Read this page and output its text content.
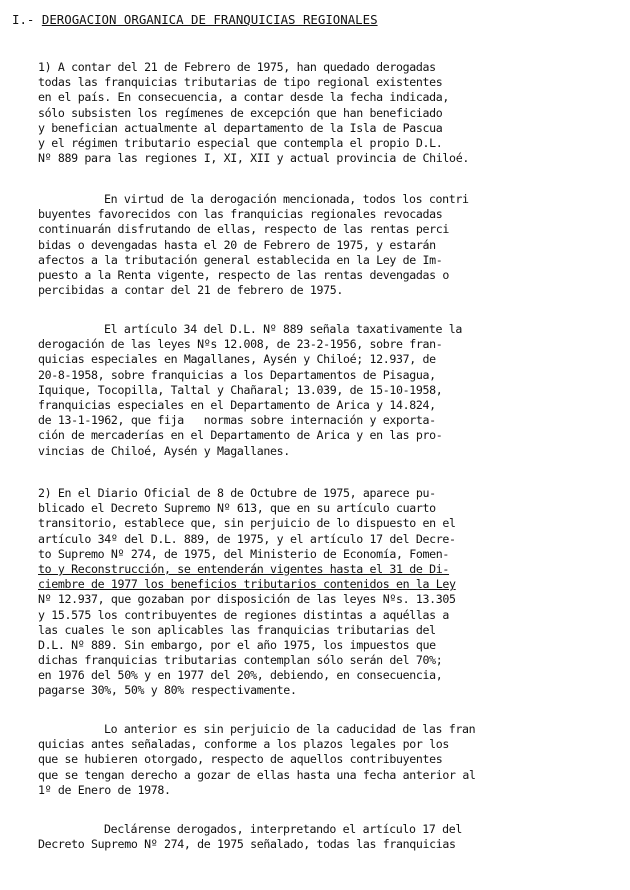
I.- DEROGACION ORGANICA DE FRANQUICIAS REGIONALES
1) A contar del 21 de Febrero de 1975, han quedado derogadas
todas las franquicias tributarias de tipo regional existentes
en el país. En consecuencia, a contar desde la fecha indicada,
sólo subsisten los regímenes de excepción que han beneficiado
y benefician actualmente al departamento de la Isla de Pascua
y el régimen tributario especial que contempla el propio D.L.
Nº 889 para las regiones I, XI, XII y actual provincia de Chiloé.
En virtud de la derogación mencionada, todos los contri
buyentes favorecidos con las franquicias regionales revocadas
continuarán disfrutando de ellas, respecto de las rentas perci
bidas o devengadas hasta el 20 de Febrero de 1975, y estarán
afectos a la tributación general establecida en la Ley de Im-
puesto a la Renta vigente, respecto de las rentas devengadas o
percibidas a contar del 21 de febrero de 1975.
El artículo 34 del D.L. Nº 889 señala taxativamente la
derogación de las leyes Nºs 12.008, de 23-2-1956, sobre fran-
quicias especiales en Magallanes, Aysén y Chiloé; 12.937, de
20-8-1958, sobre franquicias a los Departamentos de Pisagua,
Iquique, Tocopilla, Taltal y Chañaral; 13.039, de 15-10-1958,
franquicias especiales en el Departamento de Arica y 14.824,
de 13-1-1962, que fija   normas sobre internación y exporta-
ción de mercaderías en el Departamento de Arica y en las pro-
vincias de Chiloé, Aysén y Magallanes.
2) En el Diario Oficial de 8 de Octubre de 1975, aparece pu-
blicado el Decreto Supremo Nº 613, que en su artículo cuarto
transitorio, establece que, sin perjuicio de lo dispuesto en el
artículo 34º del D.L. 889, de 1975, y el artículo 17 del Decre-
to Supremo Nº 274, de 1975, del Ministerio de Economía, Fomen-
to y Reconstrucción, se entenderán vigentes hasta el 31 de Di-
ciembre de 1977 los beneficios tributarios contenidos en la Ley
Nº 12.937, que gozaban por disposición de las leyes Nºs. 13.305
y 15.575 los contribuyentes de regiones distintas a aquéllas a
las cuales le son aplicables las franquicias tributarias del
D.L. Nº 889. Sin embargo, por el año 1975, los impuestos que
dichas franquicias tributarias contemplan sólo serán del 70%;
en 1976 del 50% y en 1977 del 20%, debiendo, en consecuencia,
pagarse 30%, 50% y 80% respectivamente.
Lo anterior es sin perjuicio de la caducidad de las fran
quicias antes señaladas, conforme a los plazos legales por los
que se hubieren otorgado, respecto de aquellos contribuyentes
que se tengan derecho a gozar de ellas hasta una fecha anterior al
1º de Enero de 1978.
Declárense derogados, interpretando el artículo 17 del
Decreto Supremo Nº 274, de 1975 señalado, todas las franquicias
